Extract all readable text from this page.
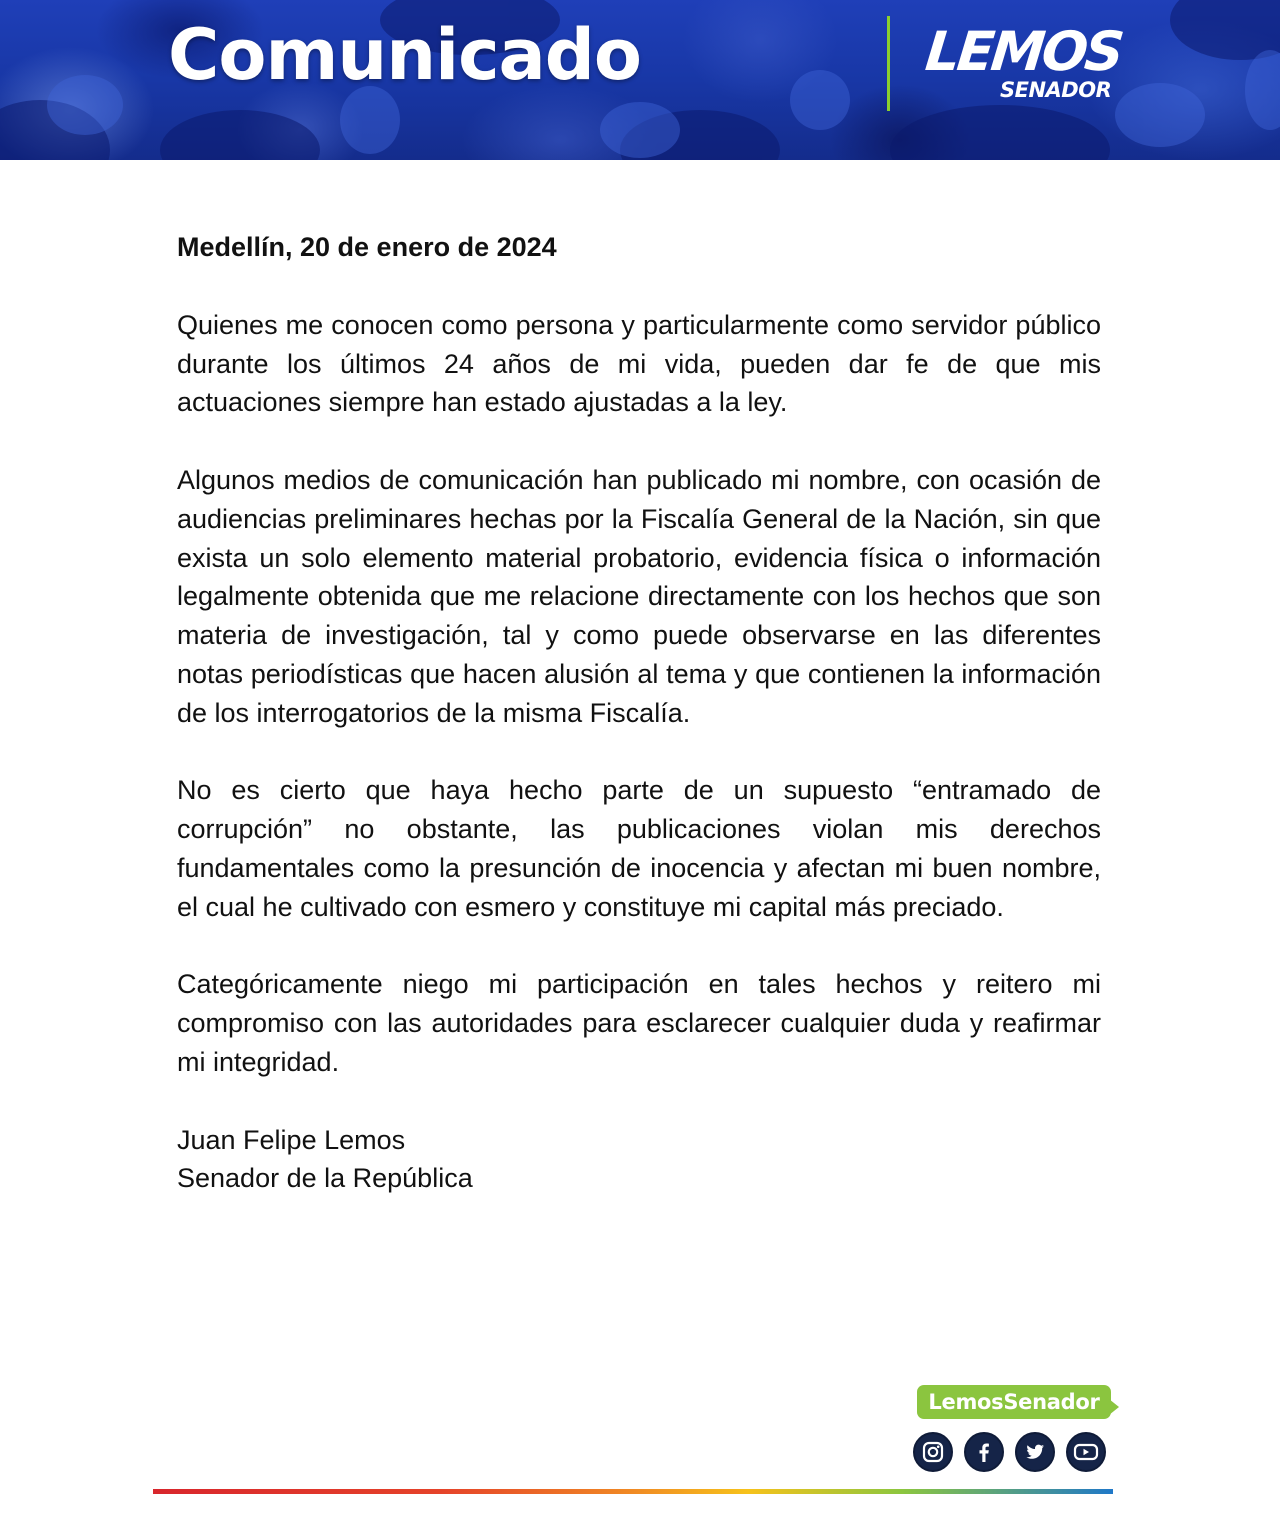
Comunicado	LEMOS
SENADOR
Medellín, 20 de enero de 2024

Quienes me conocen como persona y particularmente como servidor público durante los últimos 24 años de mi vida, pueden dar fe de que mis actuaciones siempre han estado ajustadas a la ley.

Algunos medios de comunicación han publicado mi nombre, con ocasión de audiencias preliminares hechas por la Fiscalía General de la Nación, sin que exista un solo elemento material probatorio, evidencia física o información legalmente obtenida que me relacione directamente con los hechos que son materia de investigación, tal y como puede observarse en las diferentes notas periodísticas que hacen alusión al tema y que contienen la información de los interrogatorios de la misma Fiscalía.

No es cierto que haya hecho parte de un supuesto “entramado de corrupción” no obstante, las publicaciones violan mis derechos fundamentales como la presunción de inocencia y afectan mi buen nombre, el cual he cultivado con esmero y constituye mi capital más preciado.

Categóricamente niego mi participación en tales hechos y reitero mi compromiso con las autoridades para esclarecer cualquier duda y reafirmar mi integridad.

Juan Felipe Lemos
Senador de la República
LemosSenador
